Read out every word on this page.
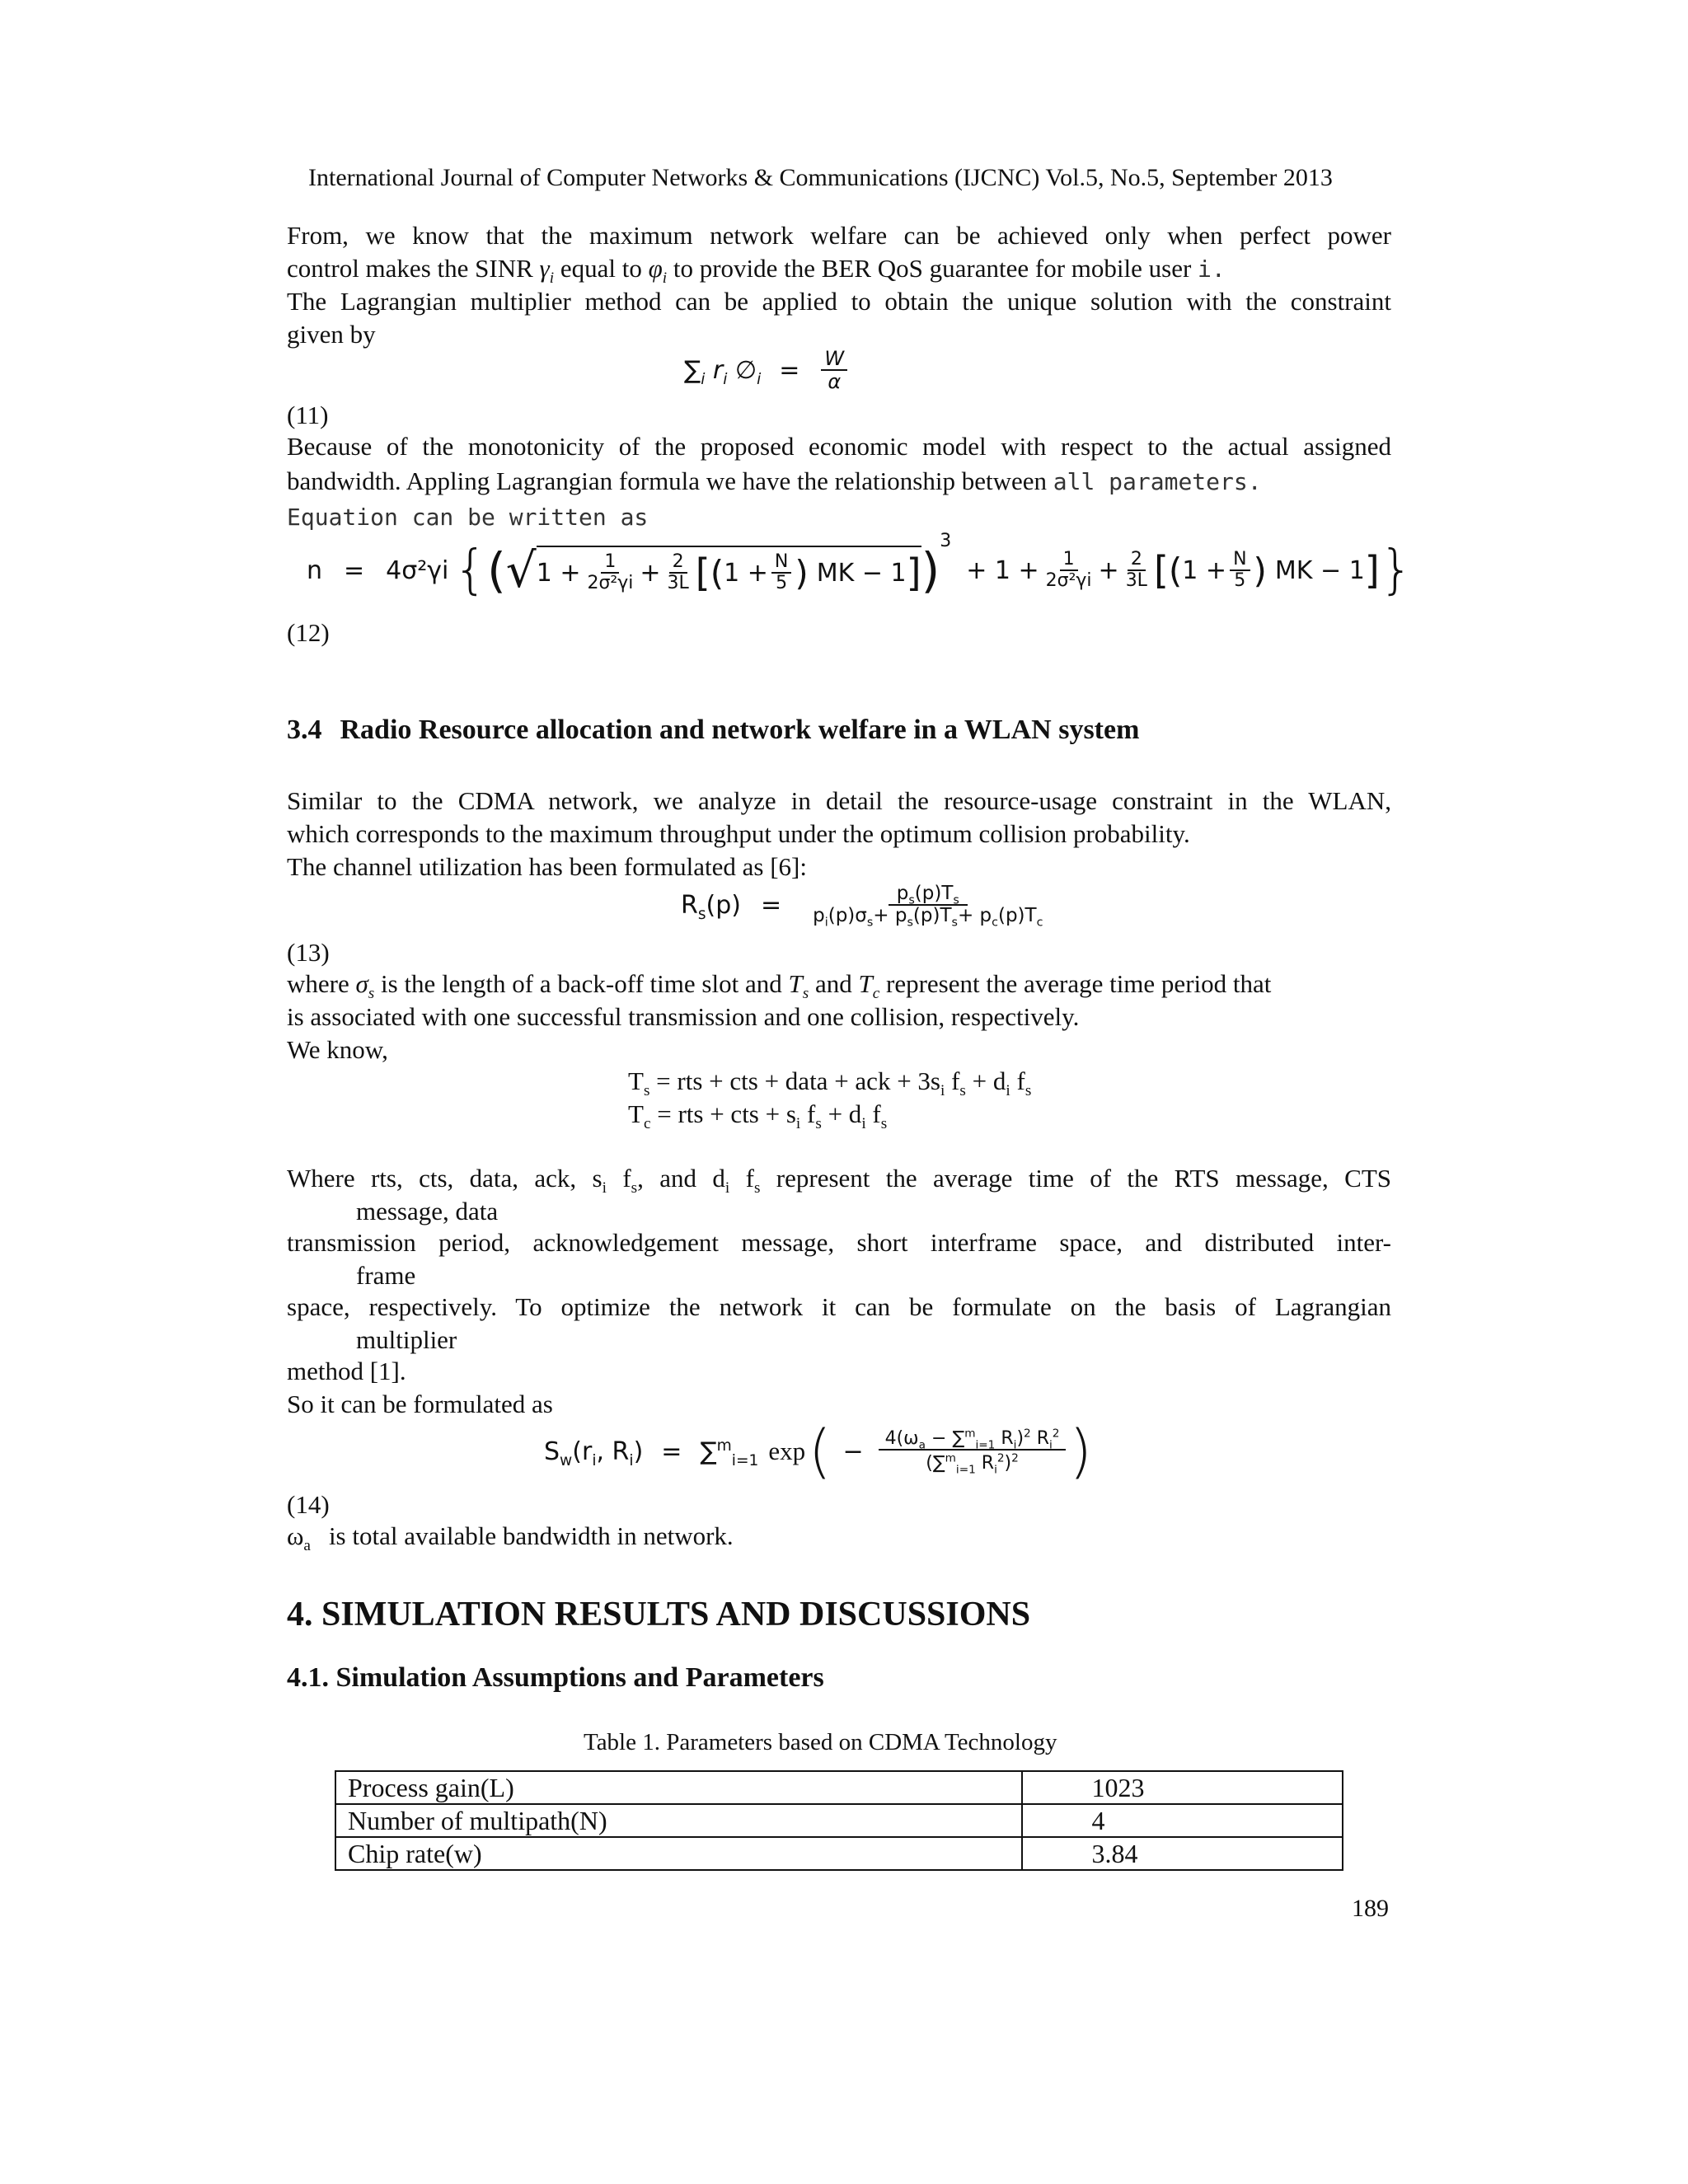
International Journal of Computer Networks & Communications (IJCNC) Vol.5, No.5, September 2013
From, we know that the maximum network welfare can be achieved only when perfect power
control makes the SINR $\gamma_i$ equal to $\varphi_i$ to provide the BER QoS guarantee for mobile user i.
The Lagrangian multiplier method can be applied to obtain the unique solution with the constraint
given by
$\sum_i$ $r_i$ $\emptyset_i = \frac{W}{\alpha}$
(11)
Because of the monotonicity of the proposed economic model with respect to the actual assigned
bandwidth. Appling Lagrangian formula we have the relationship between all parameters.
Equation can be written as
n = 4σ²γi { ( √ $1 + \frac{1}{\text{2σ²γi}} + \frac{2}{3L}$ [ ( $1 + \frac{N}{5}$ ) MK − 1 ] )
3
+ $1 + \frac{1}{\text{2σ²γi}} + \frac{2}{3L}$ [ ( $1 + \frac{N}{5}$ ) MK − 1 ] }
(12)
3.4 Radio Resource allocation and network welfare in a WLAN system
Similar to the CDMA network, we analyze in detail the resource-usage constraint in the WLAN,
which corresponds to the maximum throughput under the optimum collision probability.
The channel utilization has been formulated as [6]:
$R_s(p) = \frac{p_s(p)T_s}{p_i(p)\sigma_s+ p_s(p)T_s+ p_c(p)T_c}$
(13)
where $\sigma_s$ is the length of a back-off time slot and $T_s$ and $T_c$ represent the average time period that
is associated with one successful transmission and one collision, respectively.
We know,
$T_s$ = rts + cts + data + ack + $3s_i$ $f_s + d_i$ $f_s$
$T_c$ = rts + cts + $s_i$ $f_s + d_i$ $f_s$
Where rts, cts, data, ack, $s_i$ $f_s$, and $d_i$ $f_s$ represent the average time of the RTS message, CTS
message, data
transmission period, acknowledgement message, short interframe space, and distributed inter-
frame
space, respectively. To optimize the network it can be formulate on the basis of Lagrangian
multiplier
method [1].
So it can be formulated as
$S_w(r_i$, $R_i) = \sum^m_{i=1}$ exp ( − $\frac{4(\omega_a - \sum^m_{i=1} R_i)^2 R_i^2}{(\sum^m_{i=1} R_i^2)^2}$ )
(14)
$\omega_a$ is total available bandwidth in network.
4. SIMULATION RESULTS AND DISCUSSIONS
4.1. Simulation Assumptions and Parameters
Table 1. Parameters based on CDMA Technology
Process gain(L)	1023
Number of multipath(N)	4
Chip rate(w)	3.84
189
